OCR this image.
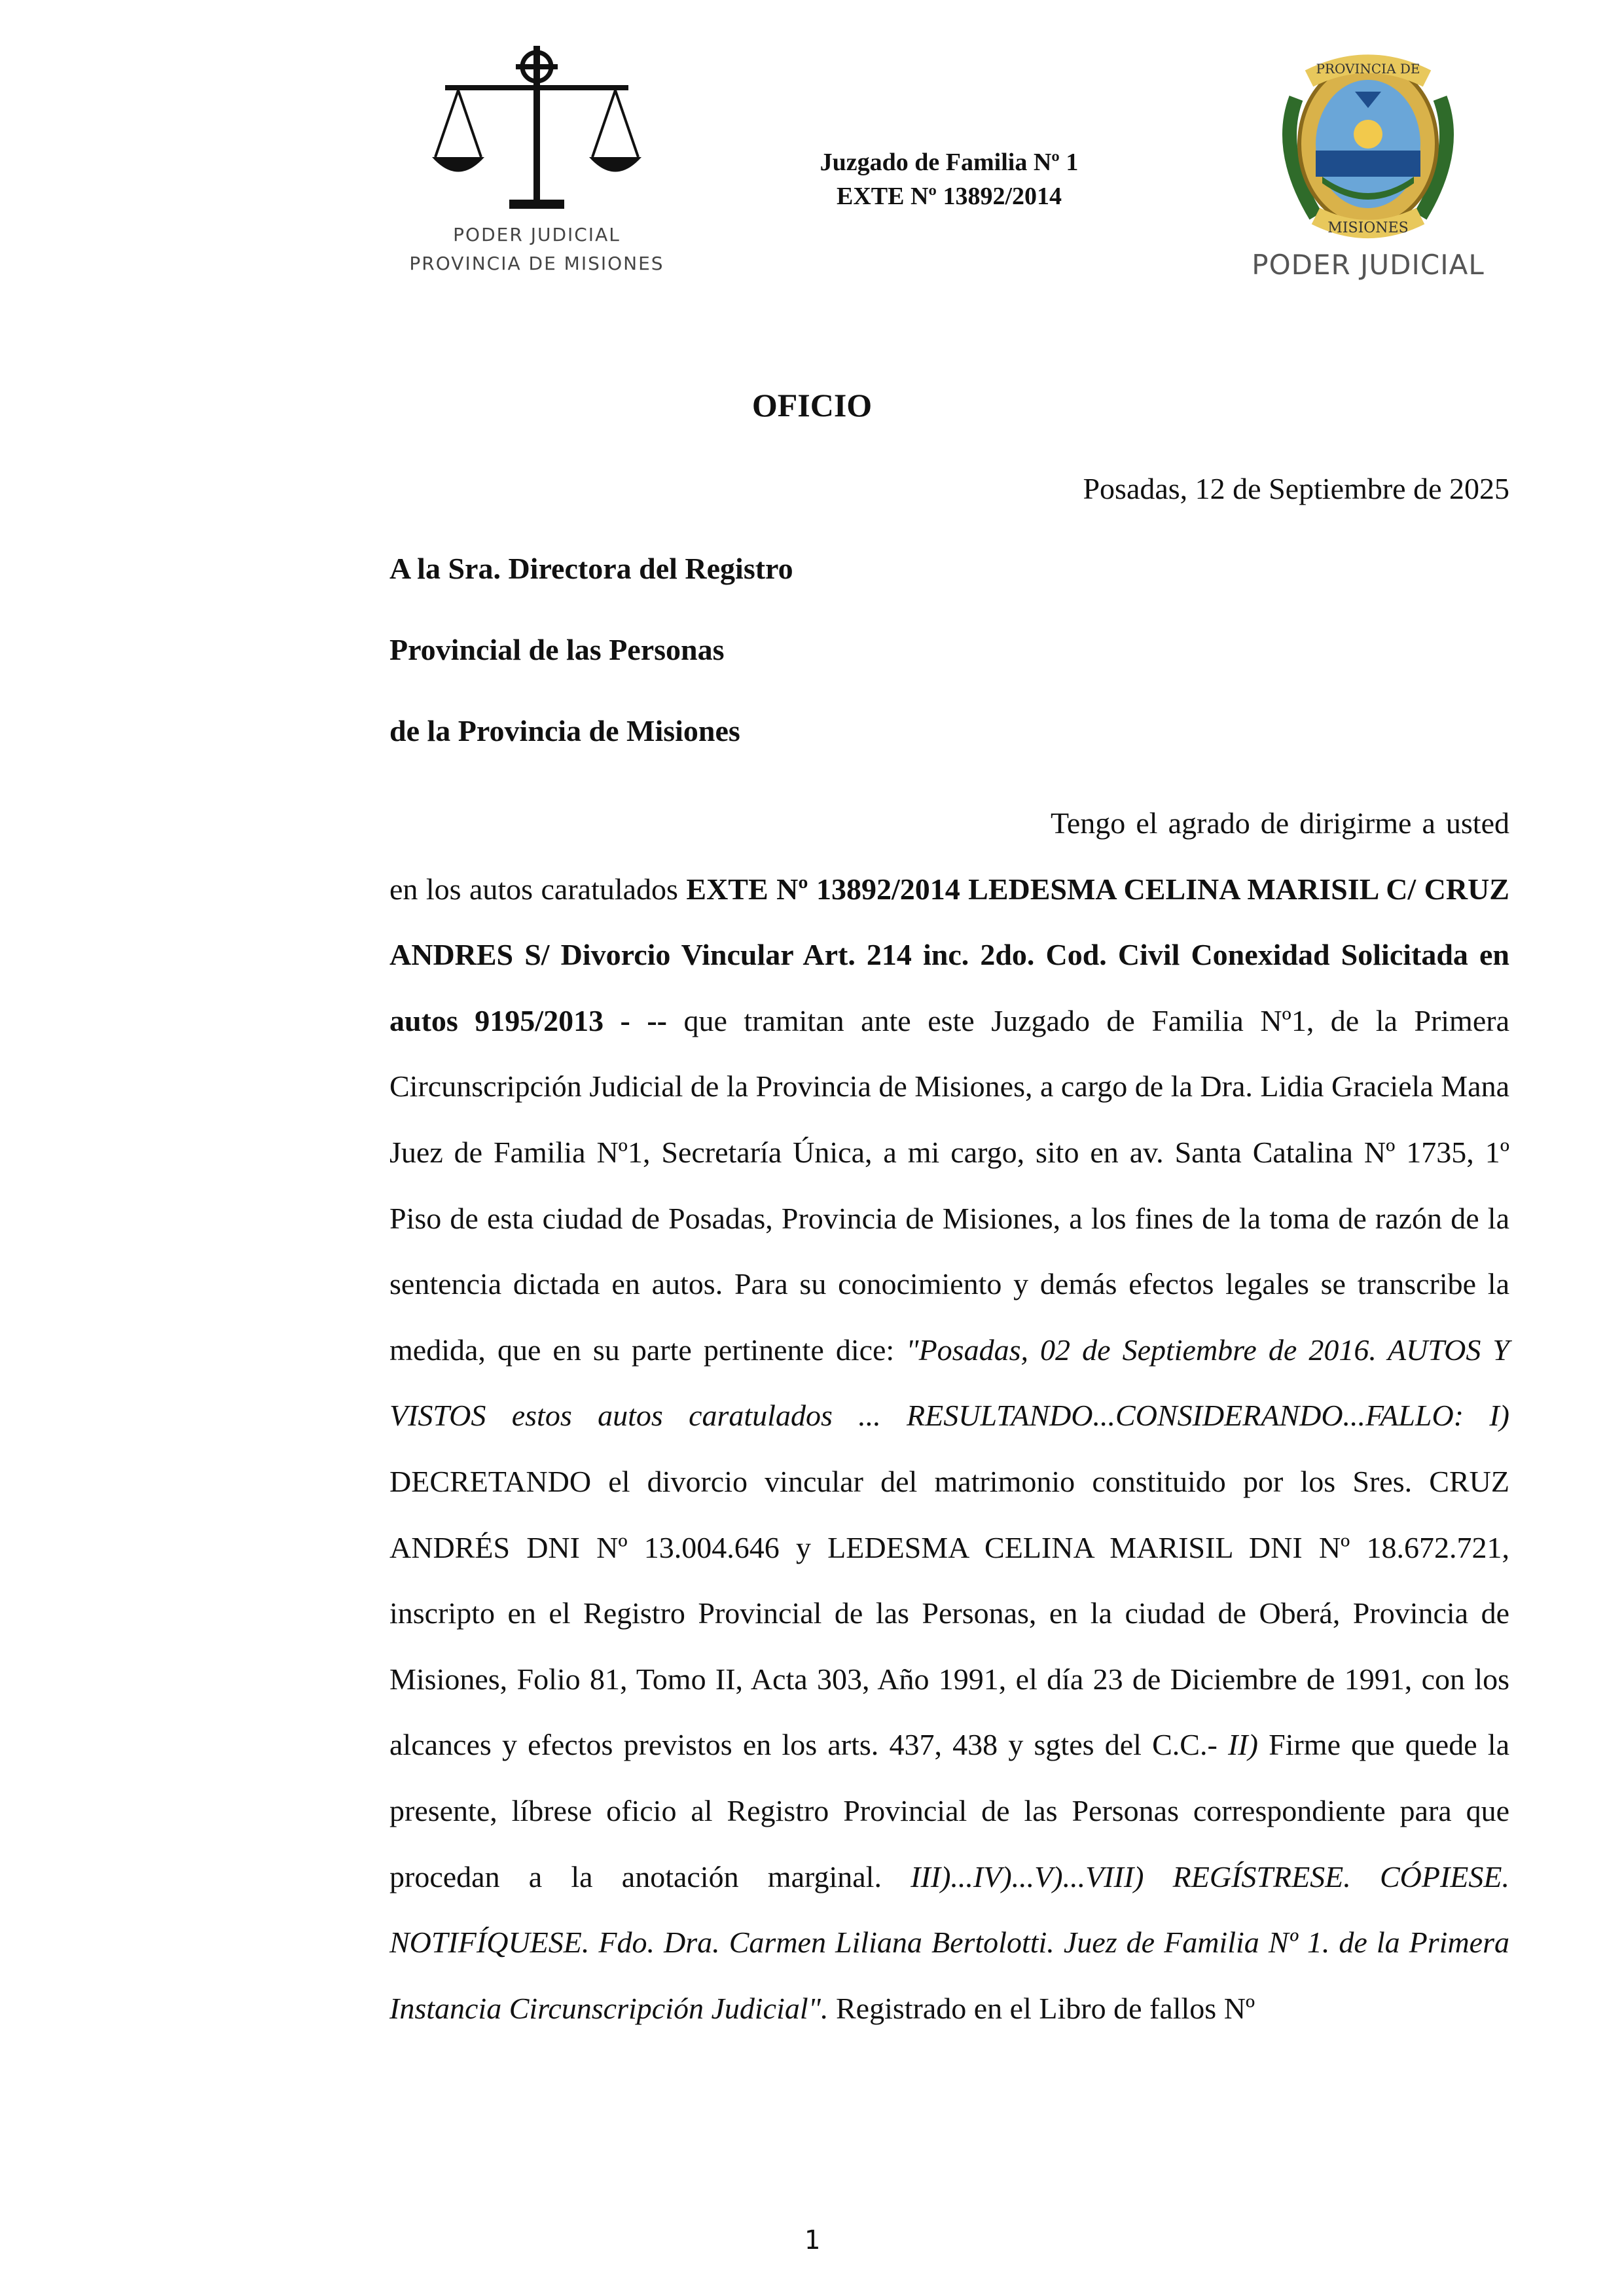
PODER JUDICIAL
PROVINCIA DE MISIONES
Juzgado de Familia Nº 1
EXTE Nº 13892/2014
PROVINCIA DE
MISIONES
PODER JUDICIAL
OFICIO
Posadas, 12 de Septiembre de 2025
A la Sra. Directora del Registro
Provincial de las Personas
de la Provincia de Misiones

Tengo el agrado de dirigirme a usted en los autos caratulados EXTE Nº 13892/2014 LEDESMA CELINA MARISIL C/ CRUZ ANDRES S/ Divorcio Vincular Art. 214 inc. 2do. Cod. Civil Conexidad Solicitada en autos 9195/2013 - -- que tramitan ante este Juzgado de Familia Nº1, de la Primera Circunscripción Judicial de la Provincia de Misiones, a cargo de la Dra. Lidia Graciela Mana Juez de Familia Nº1, Secretaría Única, a mi cargo, sito en av. Santa Catalina Nº 1735, 1º Piso de esta ciudad de Posadas, Provincia de Misiones, a los fines de la toma de razón de la sentencia dictada en autos. Para su conocimiento y demás efectos legales se transcribe la medida, que en su parte pertinente dice: "Posadas, 02 de Septiembre de 2016. AUTOS Y VISTOS estos autos caratulados ... RESULTANDO...CONSIDERANDO...FALLO: I) DECRETANDO el divorcio vincular del matrimonio constituido por los Sres. CRUZ ANDRÉS DNI Nº 13.004.646 y LEDESMA CELINA MARISIL DNI Nº 18.672.721, inscripto en el Registro Provincial de las Personas, en la ciudad de Oberá, Provincia de Misiones, Folio 81, Tomo II, Acta 303, Año 1991, el día 23 de Diciembre de 1991, con los alcances y efectos previstos en los arts. 437, 438 y sgtes del C.C.- II) Firme que quede la presente, líbrese oficio al Registro Provincial de las Personas correspondiente para que procedan a la anotación marginal. III)...IV)...V)...VIII) REGÍSTRESE. CÓPIESE. NOTIFÍQUESE. Fdo. Dra. Carmen Liliana Bertolotti. Juez de Familia Nº 1. de la Primera Instancia Circunscripción Judicial". Registrado en el Libro de fallos Nº

1
